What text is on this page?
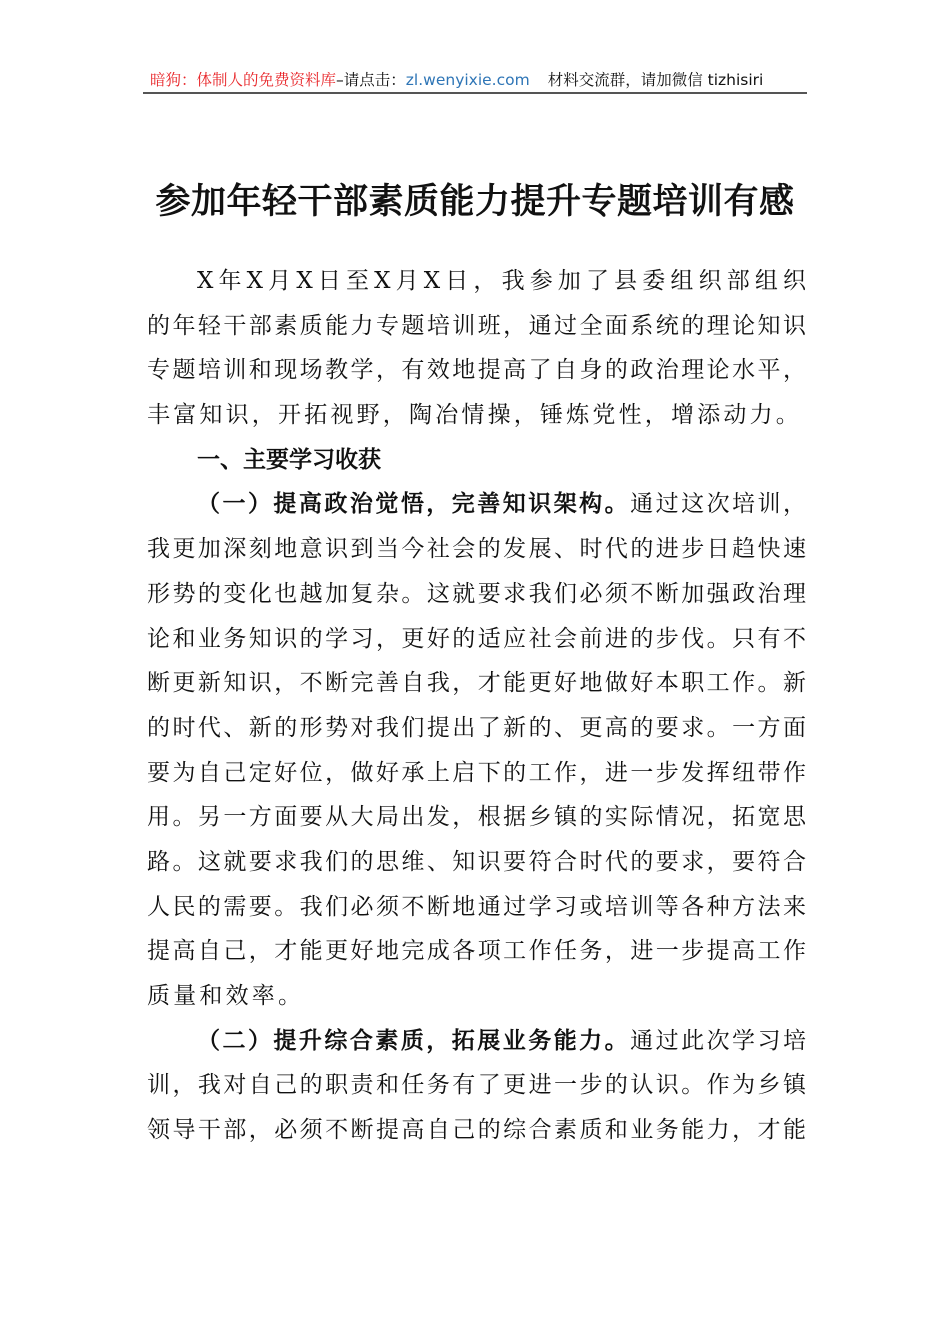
暗狗：体制人的免费资料库–请点击：zl.wenyixie.com 材料交流群，请加微信 tizhisiri
参加年轻干部素质能力提升专题培训有感
X年X月X日至X月X日，我参加了县委组织部组织
的年轻干部素质能力专题培训班，通过全面系统的理论知识
专题培训和现场教学，有效地提高了自身的政治理论水平，
丰富知识，开拓视野，陶冶情操，锤炼党性，增添动力。
一、主要学习收获
（一）提高政治觉悟，完善知识架构。通过这次培训，
我更加深刻地意识到当今社会的发展、时代的进步日趋快速
形势的变化也越加复杂。这就要求我们必须不断加强政治理
论和业务知识的学习，更好的适应社会前进的步伐。只有不
断更新知识，不断完善自我，才能更好地做好本职工作。新
的时代、新的形势对我们提出了新的、更高的要求。一方面
要为自己定好位，做好承上启下的工作，进一步发挥纽带作
用。另一方面要从大局出发，根据乡镇的实际情况，拓宽思
路。这就要求我们的思维、知识要符合时代的要求，要符合
人民的需要。我们必须不断地通过学习或培训等各种方法来
提高自己，才能更好地完成各项工作任务，进一步提高工作
质量和效率。
（二）提升综合素质，拓展业务能力。通过此次学习培
训，我对自己的职责和任务有了更进一步的认识。作为乡镇
领导干部，必须不断提高自己的综合素质和业务能力，才能
